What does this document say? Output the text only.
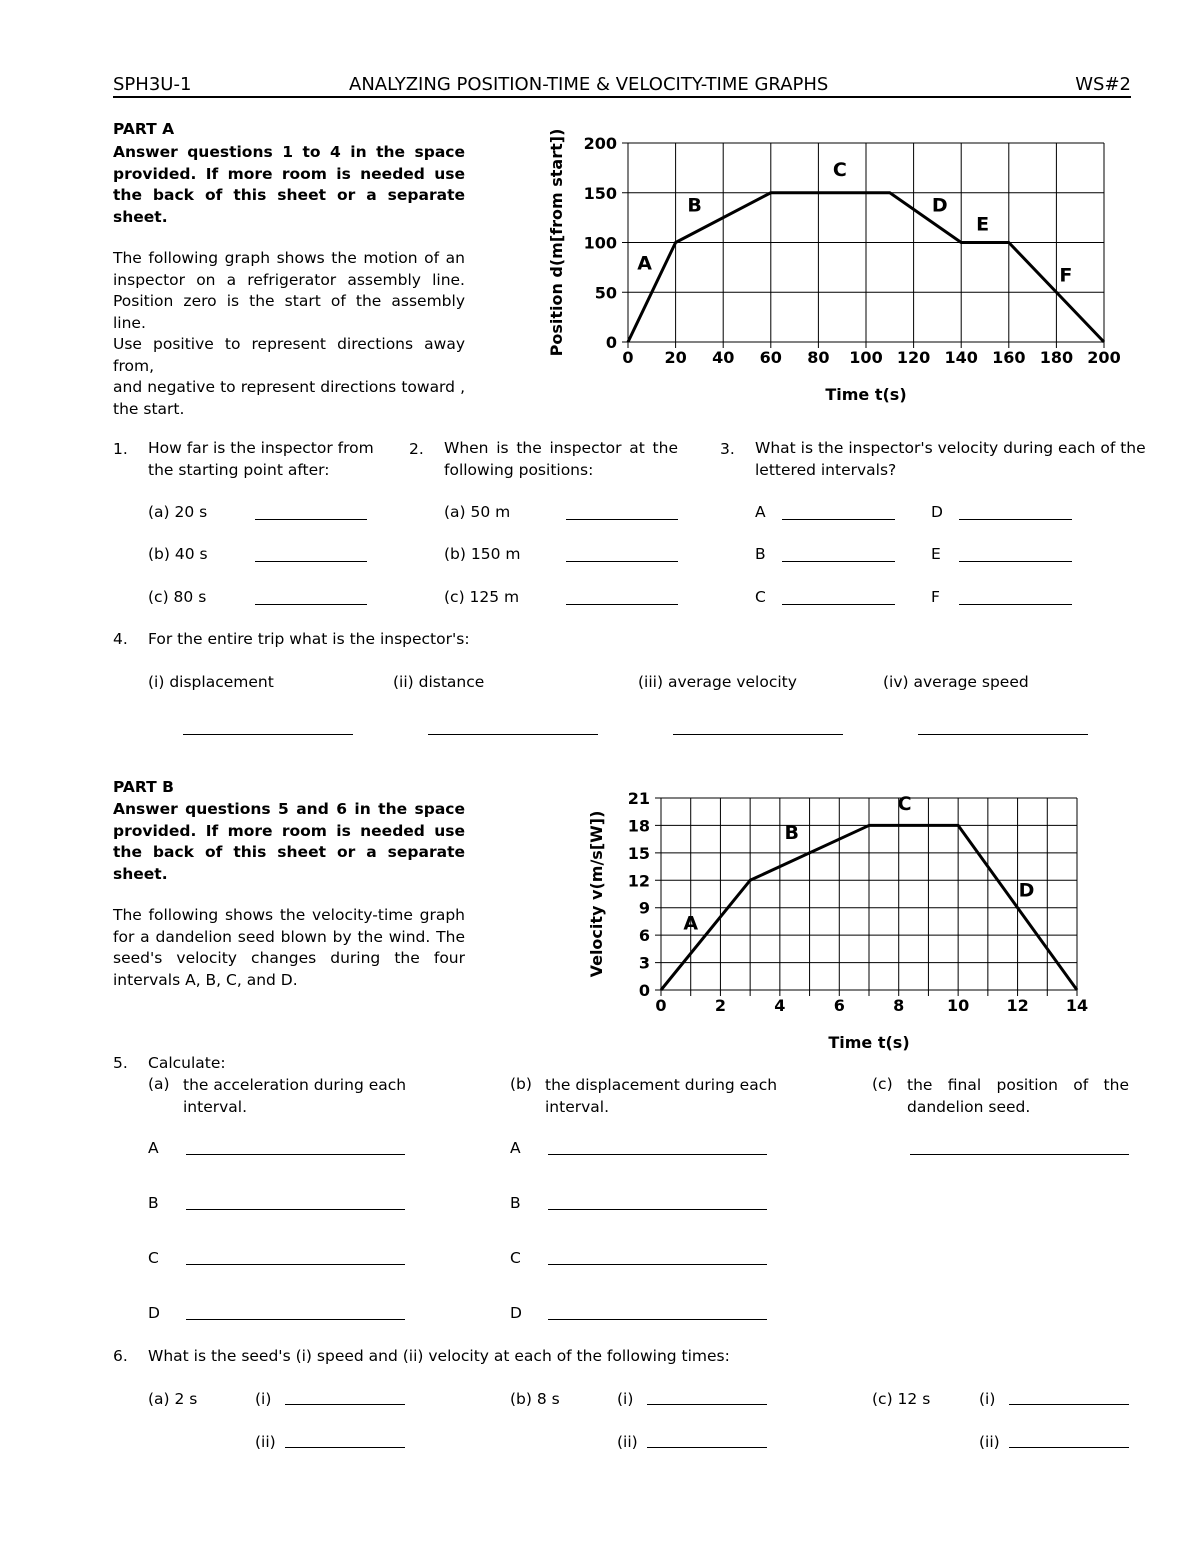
SPH3U-1	ANALYZING POSITION-TIME & VELOCITY-TIME GRAPHS	WS#2
PART A
Answer questions 1 to 4 in the space
provided. If more room is needed use
the back of this sheet or a separate
sheet.
The following graph shows the motion of an
inspector on a refrigerator assembly line.
Position zero is the start of the assembly line.
Use positive to represent directions away from,
and negative to represent directions toward ,
the start.
0 20 40 60 80 100 120 140 160 180 200
0
50
100
150
200
Time t(s)
Position d(m[from start])	A
B
C
D
E
F
1. How far is the inspector from
the starting point after:
(a) 20 s
(b) 40 s
(c) 80 s
2. When is the inspector at the
following positions:
(a) 50 m
(b) 150 m
(c) 125 m
3. What is the inspector's velocity during each of the
lettered intervals?
A
B
C
D
E
F
4. For the entire trip what is the inspector's:
(i) displacement	(ii) distance	(iii) average velocity	(iv) average speed
PART B
Answer questions 5 and 6 in the space
provided. If more room is needed use
the back of this sheet or a separate
sheet.
The following shows the velocity-time graph
for a dandelion seed blown by the wind. The
seed's velocity changes during the four
intervals A, B, C, and D.
0	2	4	6	8	10 12 14
0
3
6
9
12
15
18
21
Time t(s)
Velocity v(m/s[W])	A
B
C
D
5. Calculate:
(a) the acceleration during each
interval.
(b) the displacement during each
interval.
(c) the final position of the
dandelion seed.
A
B
C
D
A
B
C
D
6. What is the seed's (i) speed and (ii) velocity at each of the following times:
(a) 2 s	(i)
(ii)
(b) 8 s	(i)
(ii)
(c) 12 s	(i)
(ii)
